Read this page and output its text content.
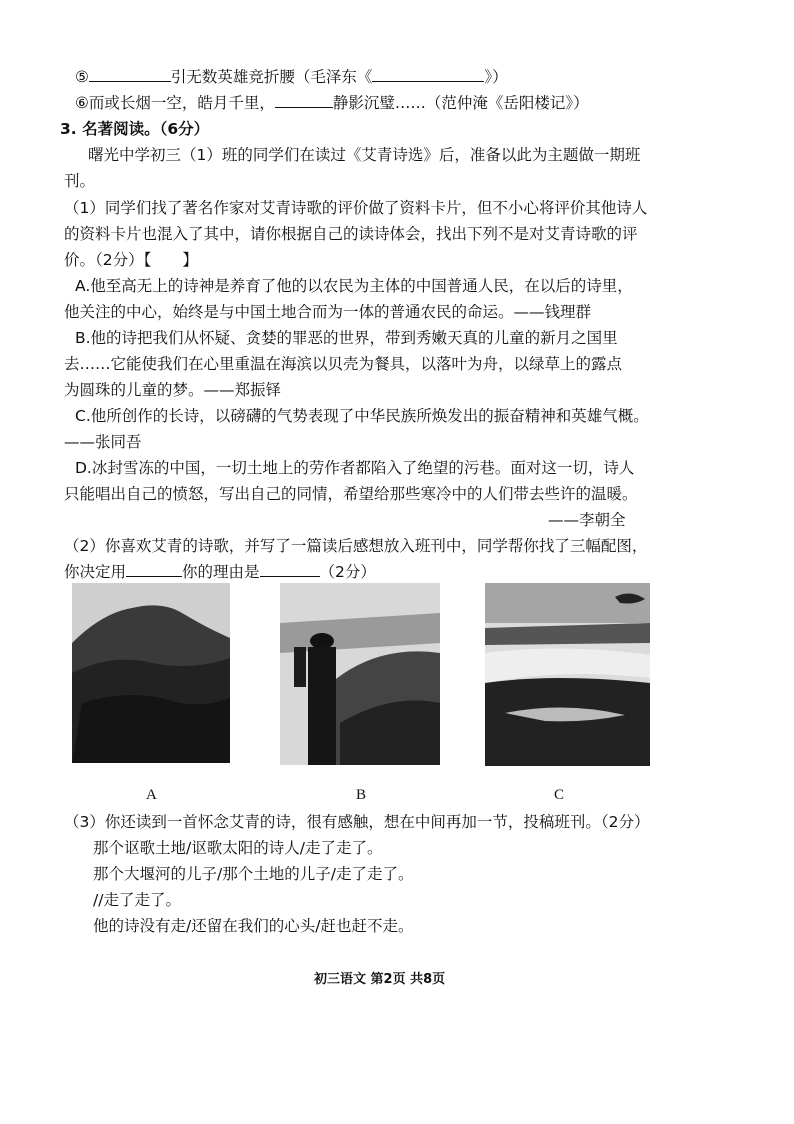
⑤	引无数英雄竞折腰（毛泽东《	》）
⑥而或长烟一空，皓月千里，	静影沉璧……（范仲淹《岳阳楼记》）
3. 名著阅读。（6分）
曙光中学初三（1）班的同学们在读过《艾青诗选》后，准备以此为主题做一期班
刊。
（1）同学们找了著名作家对艾青诗歌的评价做了资料卡片，但不小心将评价其他诗人
的资料卡片也混入了其中，请你根据自己的读诗体会，找出下列不是对艾青诗歌的评
价。（2分）【　　】
A.他至高无上的诗神是养育了他的以农民为主体的中国普通人民，在以后的诗里，
他关注的中心，始终是与中国土地合而为一体的普通农民的命运。——钱理群
B.他的诗把我们从怀疑、贪婪的罪恶的世界，带到秀嫩天真的儿童的新月之国里
去……它能使我们在心里重温在海滨以贝壳为餐具，以落叶为舟，以绿草上的露点
为圆珠的儿童的梦。——郑振铎
C.他所创作的长诗，以磅礴的气势表现了中华民族所焕发出的振奋精神和英雄气概。
——张同吾
D.冰封雪冻的中国，一切土地上的劳作者都陷入了绝望的污巷。面对这一切，诗人
只能唱出自己的愤怒，写出自己的同情，希望给那些寒冷中的人们带去些许的温暖。
——李朝全
（2）你喜欢艾青的诗歌，并写了一篇读后感想放入班刊中，同学帮你找了三幅配图，
你决定用	你的理由是	（2分）
A	B	C
（3）你还读到一首怀念艾青的诗，很有感触，想在中间再加一节，投稿班刊。（2分）
那个讴歌土地/讴歌太阳的诗人/走了走了。
那个大堰河的儿子/那个土地的儿子/走了走了。
//走了走了。
他的诗没有走/还留在我们的心头/赶也赶不走。
初三语文 第2页 共8页
